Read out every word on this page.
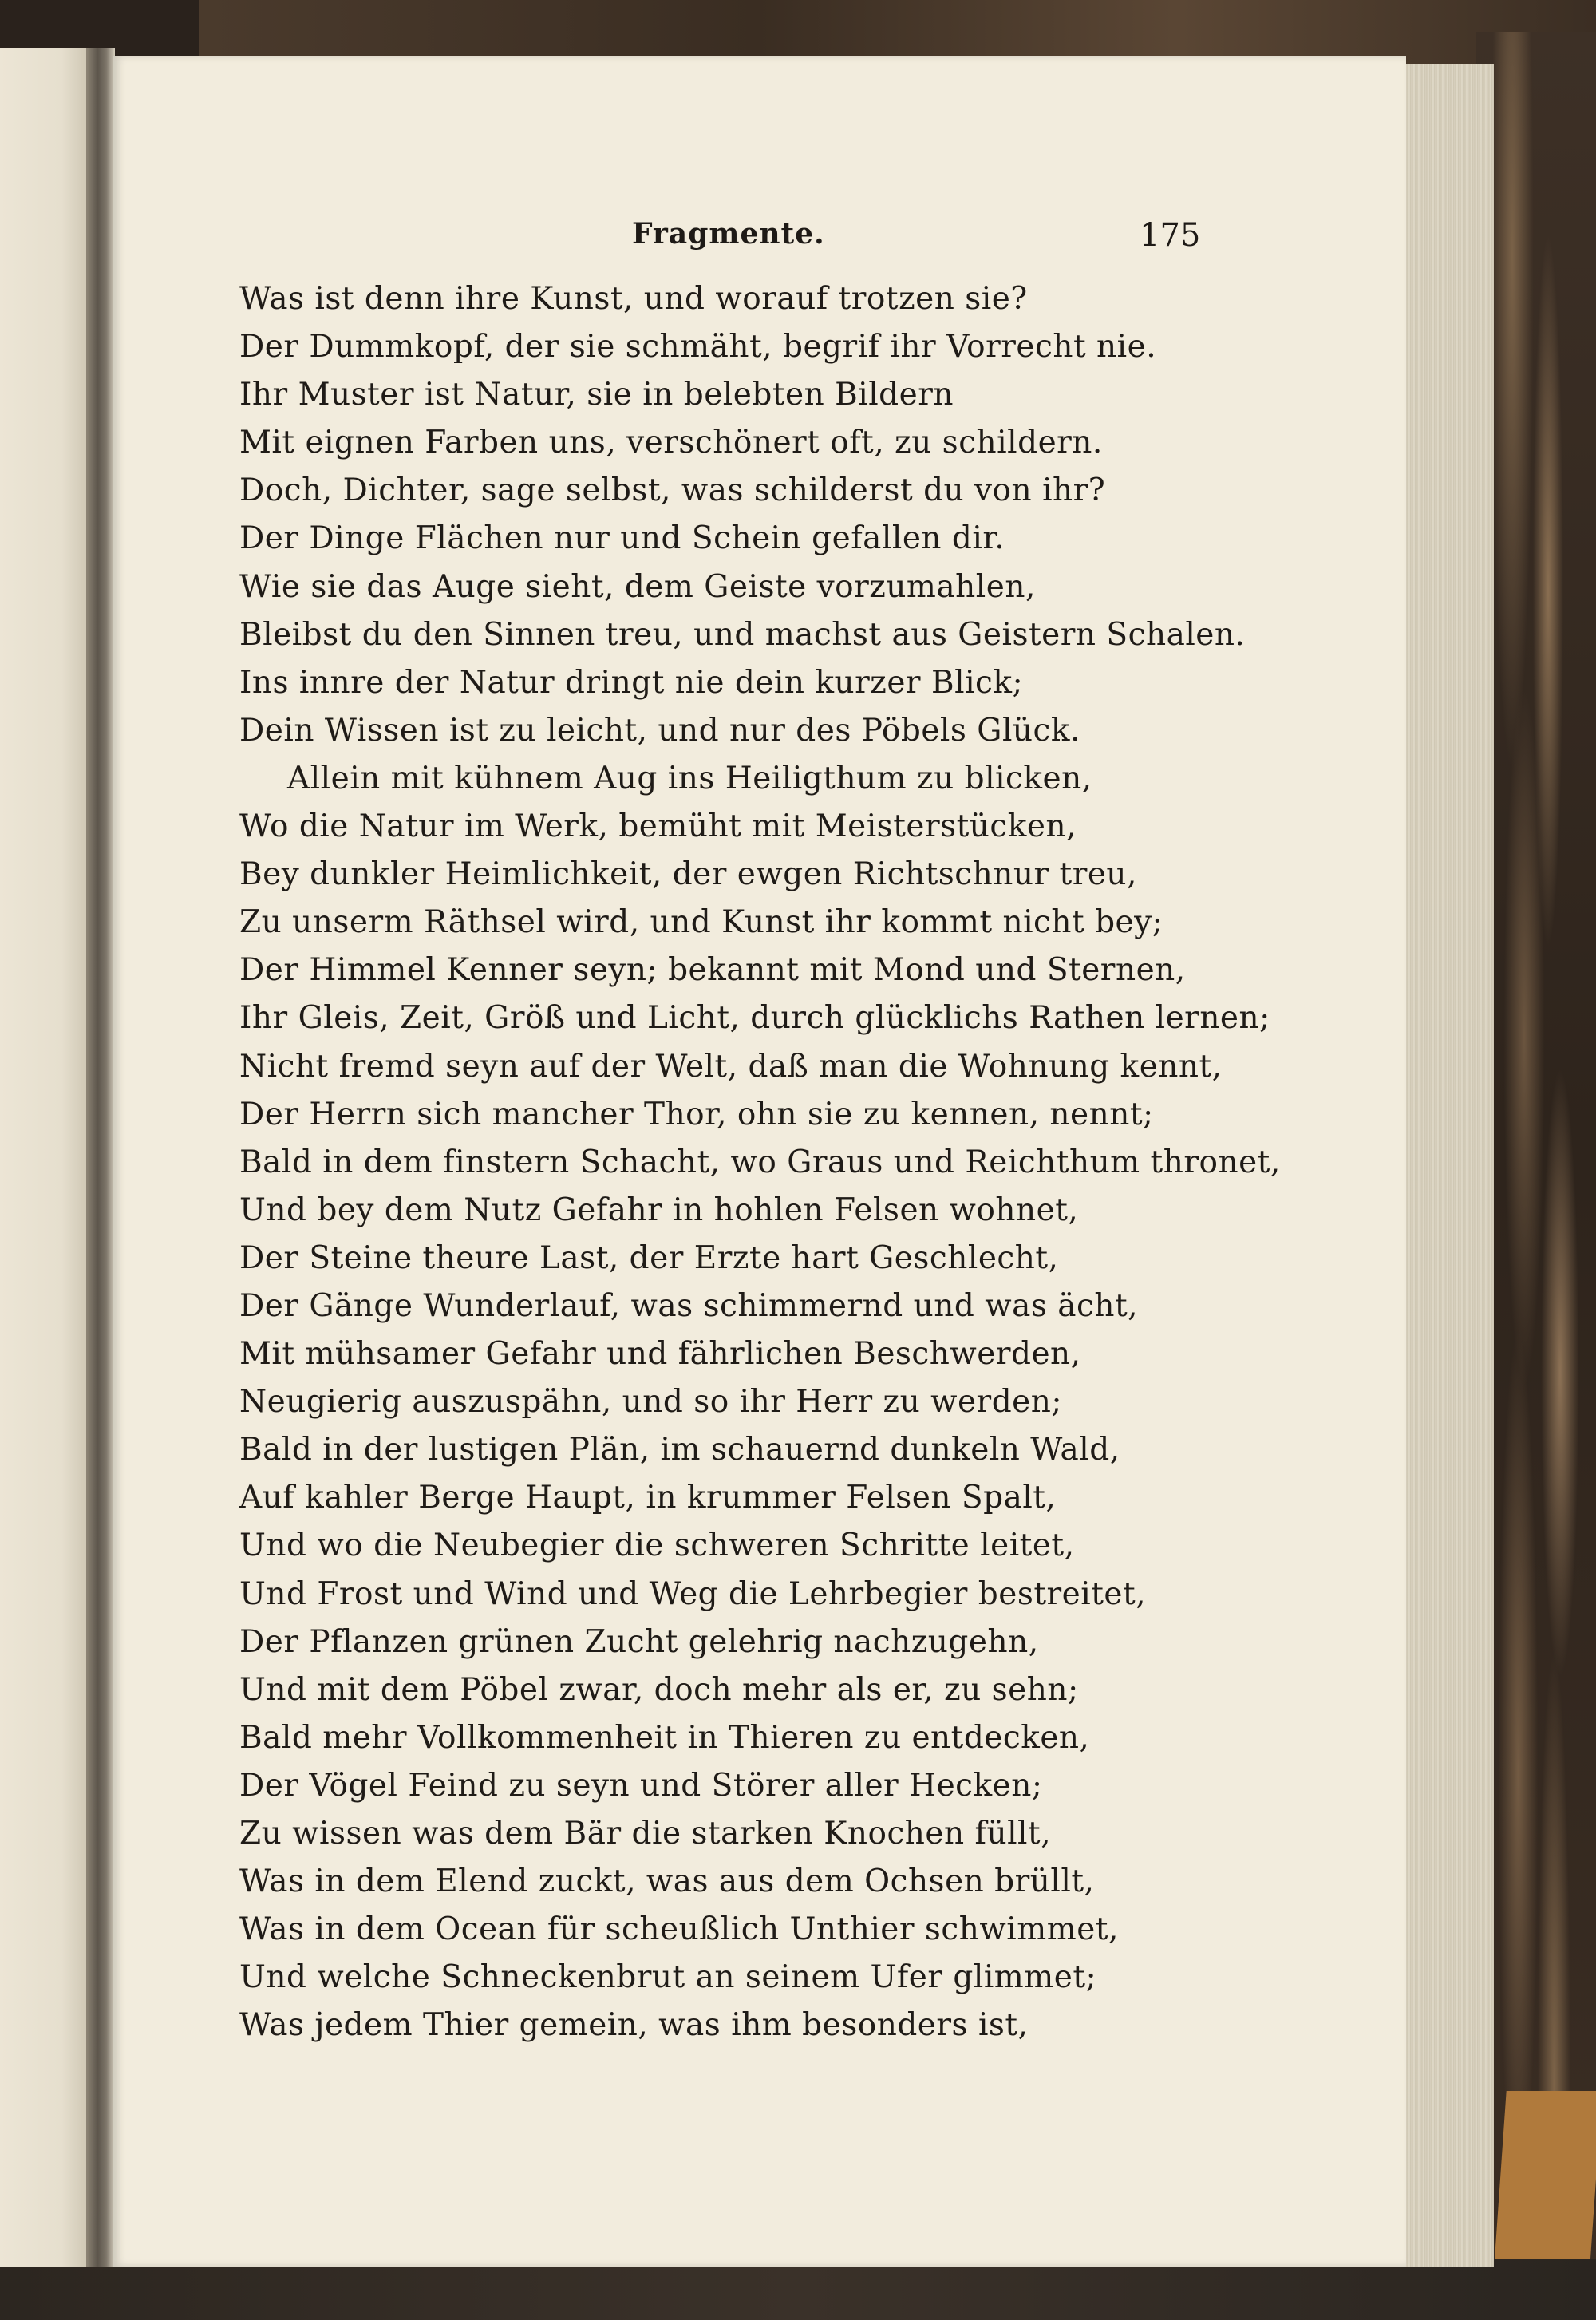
Fragmente.	175
Was ist denn ihre Kunst, und worauf trotzen sie?
Der Dummkopf, der sie schmäht, begrif ihr Vorrecht nie.
Ihr Muster ist Natur, sie in belebten Bildern
Mit eignen Farben uns, verschönert oft, zu schildern.
Doch, Dichter, sage selbst, was schilderst du von ihr?
Der Dinge Flächen nur und Schein gefallen dir.
Wie sie das Auge sieht, dem Geiste vorzumahlen,
Bleibst du den Sinnen treu, und machst aus Geistern Schalen.
Ins innre der Natur dringt nie dein kurzer Blick;
Dein Wissen ist zu leicht, und nur des Pöbels Glück.
Allein mit kühnem Aug ins Heiligthum zu blicken,
Wo die Natur im Werk, bemüht mit Meisterstücken,
Bey dunkler Heimlichkeit, der ewgen Richtschnur treu,
Zu unserm Räthsel wird, und Kunst ihr kommt nicht bey;
Der Himmel Kenner seyn; bekannt mit Mond und Sternen,
Ihr Gleis, Zeit, Größ und Licht, durch glücklichs Rathen lernen;
Nicht fremd seyn auf der Welt, daß man die Wohnung kennt,
Der Herrn sich mancher Thor, ohn sie zu kennen, nennt;
Bald in dem finstern Schacht, wo Graus und Reichthum thronet,
Und bey dem Nutz Gefahr in hohlen Felsen wohnet,
Der Steine theure Last, der Erzte hart Geschlecht,
Der Gänge Wunderlauf, was schimmernd und was ächt,
Mit mühsamer Gefahr und fährlichen Beschwerden,
Neugierig auszuspähn, und so ihr Herr zu werden;
Bald in der lustigen Plän, im schauernd dunkeln Wald,
Auf kahler Berge Haupt, in krummer Felsen Spalt,
Und wo die Neubegier die schweren Schritte leitet,
Und Frost und Wind und Weg die Lehrbegier bestreitet,
Der Pflanzen grünen Zucht gelehrig nachzugehn,
Und mit dem Pöbel zwar, doch mehr als er, zu sehn;
Bald mehr Vollkommenheit in Thieren zu entdecken,
Der Vögel Feind zu seyn und Störer aller Hecken;
Zu wissen was dem Bär die starken Knochen füllt,
Was in dem Elend zuckt, was aus dem Ochsen brüllt,
Was in dem Ocean für scheußlich Unthier schwimmet,
Und welche Schneckenbrut an seinem Ufer glimmet;
Was jedem Thier gemein, was ihm besonders ist,
